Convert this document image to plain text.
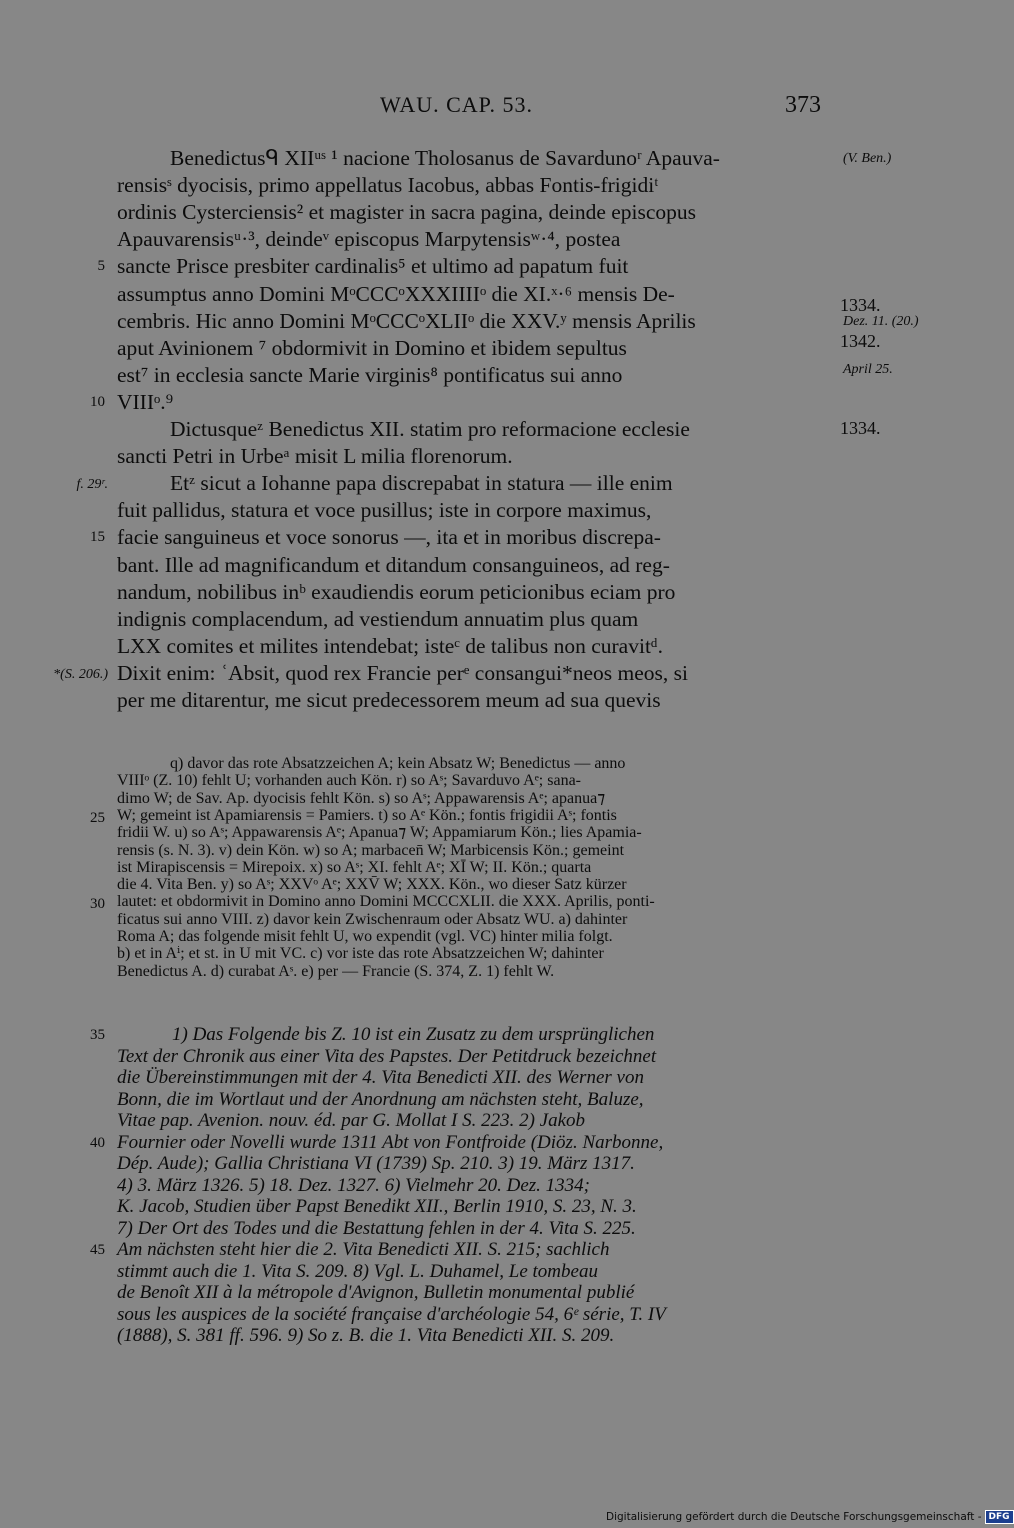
WAU. CAP. 53.	373
Benedictusᑫ XIIᵘˢ ¹ nacione Tholosanus de Savardunoʳ Apauva-
rensisˢ dyocisis, primo appellatus Iacobus, abbas Fontis-frigidiᵗ
ordinis Cysterciensis² et magister in sacra pagina, deinde episcopus
Apauvarensisᵘ·³, deindeᵛ episcopus Marpytensisʷ·⁴, postea
sancte Prisce presbiter cardinalis⁵ et ultimo ad papatum fuit
5
assumptus anno Domini MᵒCCCᵒXXXIIIIᵒ die XI.ˣ·⁶ mensis De-
cembris. Hic anno Domini MᵒCCCᵒXLIIᵒ die XXV.ʸ mensis Aprilis
aput Avinionem ⁷ obdormivit in Domino et ibidem sepultus
est⁷ in ecclesia sancte Marie virginis⁸ pontificatus sui anno
VIIIᵒ.⁹
10
Dictusqueᶻ Benedictus XII. statim pro reformacione ecclesie
sancti Petri in Urbeᵃ misit L milia florenorum.
Etᶻ sicut a Iohanne papa discrepabat in statura — ille enim
fuit pallidus, statura et voce pusillus; iste in corpore maximus,
facie sanguineus et voce sonorus —, ita et in moribus discrepa-
15
bant. Ille ad magnificandum et ditandum consanguineos, ad reg-
nandum, nobilibus inᵇ exaudiendis eorum peticionibus eciam pro
indignis complacendum, ad vestiendum annuatim plus quam
LXX comites et milites intendebat; isteᶜ de talibus non curavitᵈ.
Dixit enim: ʿAbsit, quod rex Francie perᵉ consangui*neos meos, si
per me ditarentur, me sicut predecessorem meum ad sua quevis
f. 29ʳ.
*(S. 206.)
(V. Ben.)
1334.
Dez. 11. (20.)
1342.
April 25.
1334.
q) davor das rote Absatzzeichen A; kein Absatz W; Benedictus — anno
VIIIᵒ (Z. 10) fehlt U; vorhanden auch Kön. r) so Aˢ; Savarduvo Aᵉ; sana-
dimo W; de Sav. Ap. dyocisis fehlt Kön. s) so Aˢ; Appawarensis Aᵉ; apanua⁊
W; gemeint ist Apamiarensis = Pamiers. t) so Aᵉ Kön.; fontis frigidii Aˢ; fontis
25
fridii W. u) so Aˢ; Appawarensis Aᵉ; Apanua⁊ W; Appamiarum Kön.; lies Apamia-
rensis (s. N. 3). v) dein Kön. w) so A; marbacen̄ W; Marbicensis Kön.; gemeint
ist Mirapiscensis = Mirepoix. x) so Aˢ; XI. fehlt Aᵉ; XĪ W; II. Kön.; quarta
die 4. Vita Ben. y) so Aˢ; XXVᵒ Aᵉ; XXV̄ W; XXX. Kön., wo dieser Satz kürzer
lautet: et obdormivit in Domino anno Domini MCCCXLII. die XXX. Aprilis, ponti-
30
ficatus sui anno VIII. z) davor kein Zwischenraum oder Absatz WU. a) dahinter
Roma A; das folgende misit fehlt U, wo expendit (vgl. VC) hinter milia folgt.
b) et in Aⁱ; et st. in U mit VC. c) vor iste das rote Absatzzeichen W; dahinter
Benedictus A. d) curabat Aˢ. e) per — Francie (S. 374, Z. 1) fehlt W.
1) Das Folgende bis Z. 10 ist ein Zusatz zu dem ursprünglichen
35
Text der Chronik aus einer Vita des Papstes. Der Petitdruck bezeichnet
die Übereinstimmungen mit der 4. Vita Benedicti XII. des Werner von
Bonn, die im Wortlaut und der Anordnung am nächsten steht, Baluze,
Vitae pap. Avenion. nouv. éd. par G. Mollat I S. 223. 2) Jakob
Fournier oder Novelli wurde 1311 Abt von Fontfroide (Diöz. Narbonne,
40
Dép. Aude); Gallia Christiana VI (1739) Sp. 210. 3) 19. März 1317.
4) 3. März 1326. 5) 18. Dez. 1327. 6) Vielmehr 20. Dez. 1334;
K. Jacob, Studien über Papst Benedikt XII., Berlin 1910, S. 23, N. 3.
7) Der Ort des Todes und die Bestattung fehlen in der 4. Vita S. 225.
Am nächsten steht hier die 2. Vita Benedicti XII. S. 215; sachlich
45
stimmt auch die 1. Vita S. 209. 8) Vgl. L. Duhamel, Le tombeau
de Benoît XII à la métropole d'Avignon, Bulletin monumental publié
sous les auspices de la société française d'archéologie 54, 6ᵉ série, T. IV
(1888), S. 381 ff. 596. 9) So z. B. die 1. Vita Benedicti XII. S. 209.
Digitalisierung gefördert durch die Deutsche Forschungsgemeinschaft - DFG
